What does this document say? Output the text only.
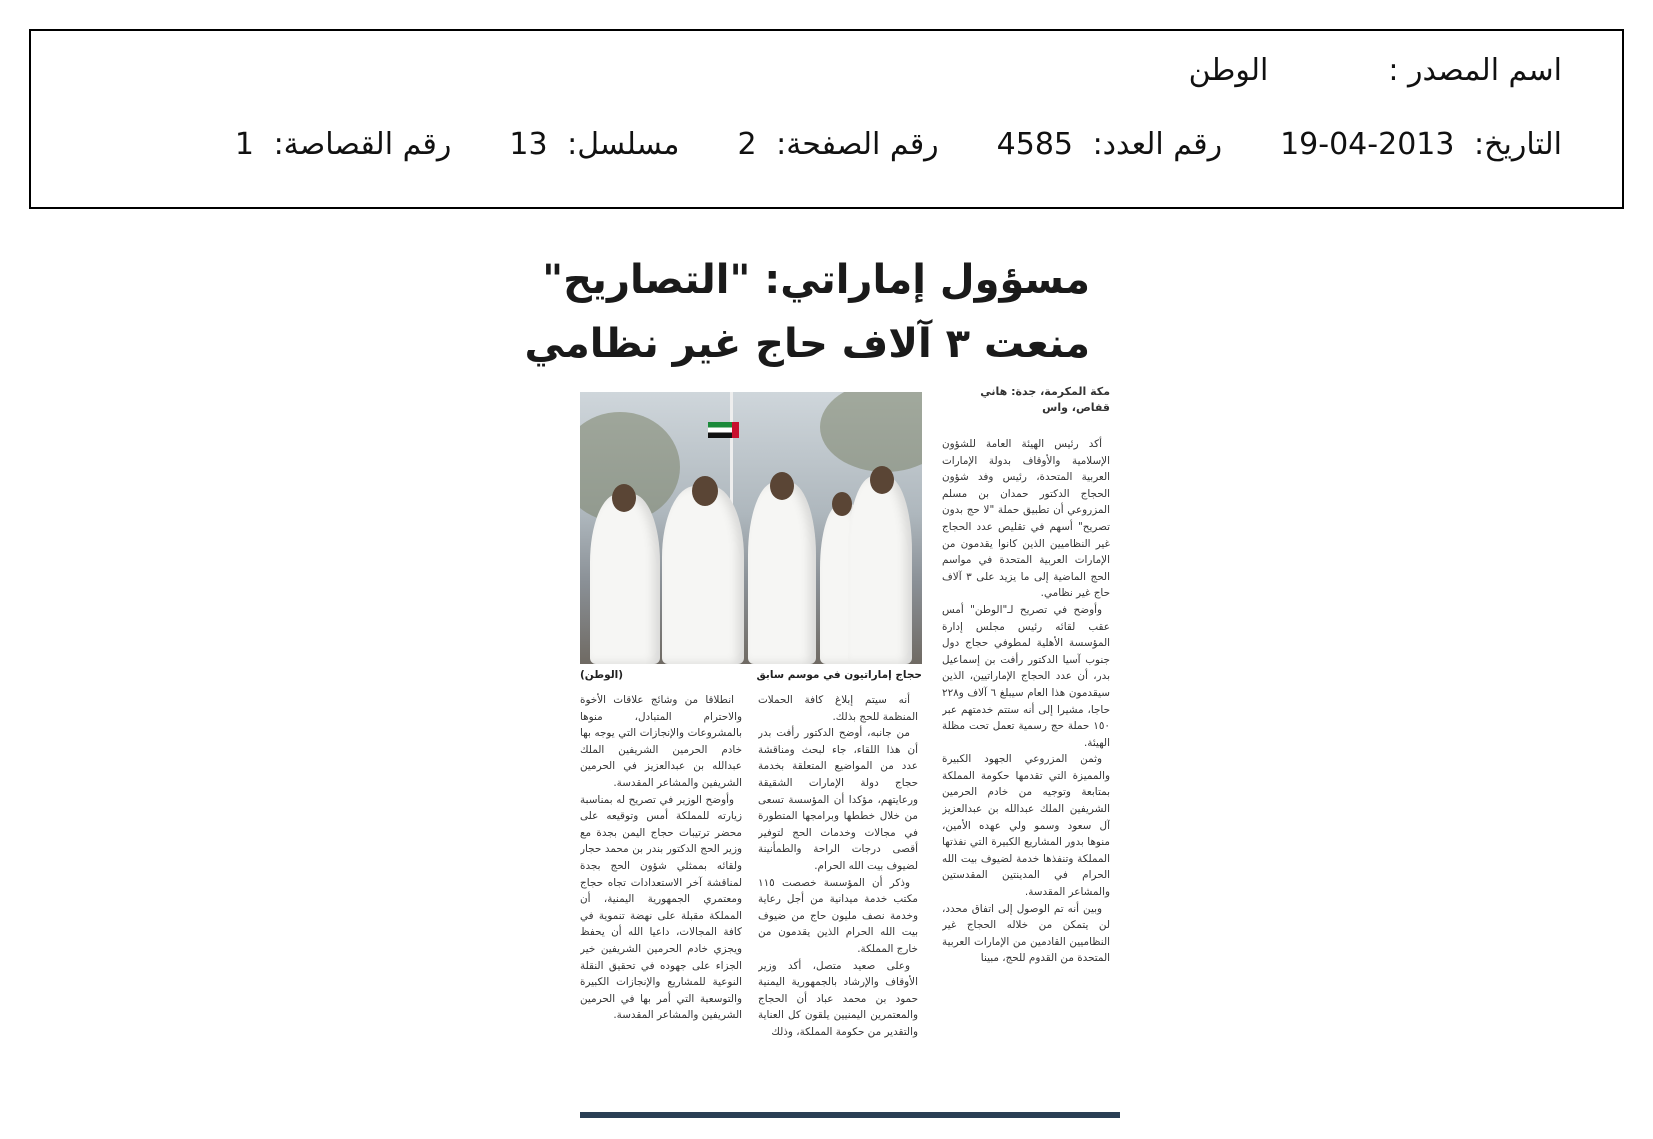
اسم المصدر :
الوطن
التاريخ: 2013-04-19
رقم العدد: 4585
رقم الصفحة: 2
مسلسل: 13
رقم القصاصة: 1
مسؤول إماراتي: "التصاريح"
منعت ٣ آلاف حاج غير نظامي
مكة المكرمة، جدة: هاني قفاص، واس
حجاج إماراتيون في موسم سابق
(الوطن)

أكد رئيس الهيئة العامة للشؤون الإسلامية والأوقاف بدولة الإمارات العربية المتحدة، رئيس وفد شؤون الحجاج الدكتور حمدان بن مسلم المزروعي أن تطبيق حملة "لا حج بدون تصريح" أسهم في تقليص عدد الحجاج غير النظاميين الذين كانوا يقدمون من الإمارات العربية المتحدة في مواسم الحج الماضية إلى ما يزيد على ٣ آلاف حاج غير نظامي.

وأوضح في تصريح لـ"الوطن" أمس عقب لقائه رئيس مجلس إدارة المؤسسة الأهلية لمطوفي حجاج دول جنوب آسيا الدكتور رأفت بن إسماعيل بدر، أن عدد الحجاج الإماراتيين، الذين سيقدمون هذا العام سيبلغ ٦ آلاف و٢٢٨ حاجا، مشيرا إلى أنه ستتم خدمتهم عبر ١٥٠ حملة حج رسمية تعمل تحت مظلة الهيئة.

وثمن المزروعي الجهود الكبيرة والمميزة التي تقدمها حكومة المملكة بمتابعة وتوجيه من خادم الحرمين الشريفين الملك عبدالله بن عبدالعزيز آل سعود وسمو ولي عهده الأمين، منوها بدور المشاريع الكبيرة التي نفذتها المملكة وتنفذها خدمة لضيوف بيت الله الحرام في المدينتين المقدستين والمشاعر المقدسة.

وبين أنه تم الوصول إلى اتفاق محدد، لن يتمكن من خلاله الحجاج غير النظاميين القادمين من الإمارات العربية المتحدة من القدوم للحج، مبينا

أنه سيتم إبلاغ كافة الحملات المنظمة للحج بذلك.

من جانبه، أوضح الدكتور رأفت بدر أن هذا اللقاء، جاء لبحث ومناقشة عدد من المواضيع المتعلقة بخدمة حجاج دولة الإمارات الشقيقة ورعايتهم، مؤكدا أن المؤسسة تسعى من خلال خططها وبرامجها المتطورة في مجالات وخدمات الحج لتوفير أقصى درجات الراحة والطمأنينة لضيوف بيت الله الحرام.

وذكر أن المؤسسة خصصت ١١٥ مكتب خدمة ميدانية من أجل رعاية وخدمة نصف مليون حاج من ضيوف بيت الله الحرام الذين يقدمون من خارج المملكة.

وعلى صعيد متصل، أكد وزير الأوقاف والإرشاد بالجمهورية اليمنية حمود بن محمد عباد أن الحجاج والمعتمرين اليمنيين يلقون كل العناية والتقدير من حكومة المملكة، وذلك

انطلاقا من وشائج علاقات الأخوة والاحترام المتبادل، منوها بالمشروعات والإنجازات التي يوجه بها خادم الحرمين الشريفين الملك عبدالله بن عبدالعزيز في الحرمين الشريفين والمشاعر المقدسة.

وأوضح الوزير في تصريح له بمناسبة زيارته للمملكة أمس وتوقيعه على محضر ترتيبات حجاج اليمن بجدة مع وزير الحج الدكتور بندر بن محمد حجار ولقائه بممثلي شؤون الحج بجدة لمناقشة آخر الاستعدادات تجاه حجاج ومعتمري الجمهورية اليمنية، أن المملكة مقبلة على نهضة تنموية في كافة المجالات، داعيا الله أن يحفظ ويجزي خادم الحرمين الشريفين خير الجزاء على جهوده في تحقيق النقلة النوعية للمشاريع والإنجازات الكبيرة والتوسعية التي أمر بها في الحرمين الشريفين والمشاعر المقدسة.
